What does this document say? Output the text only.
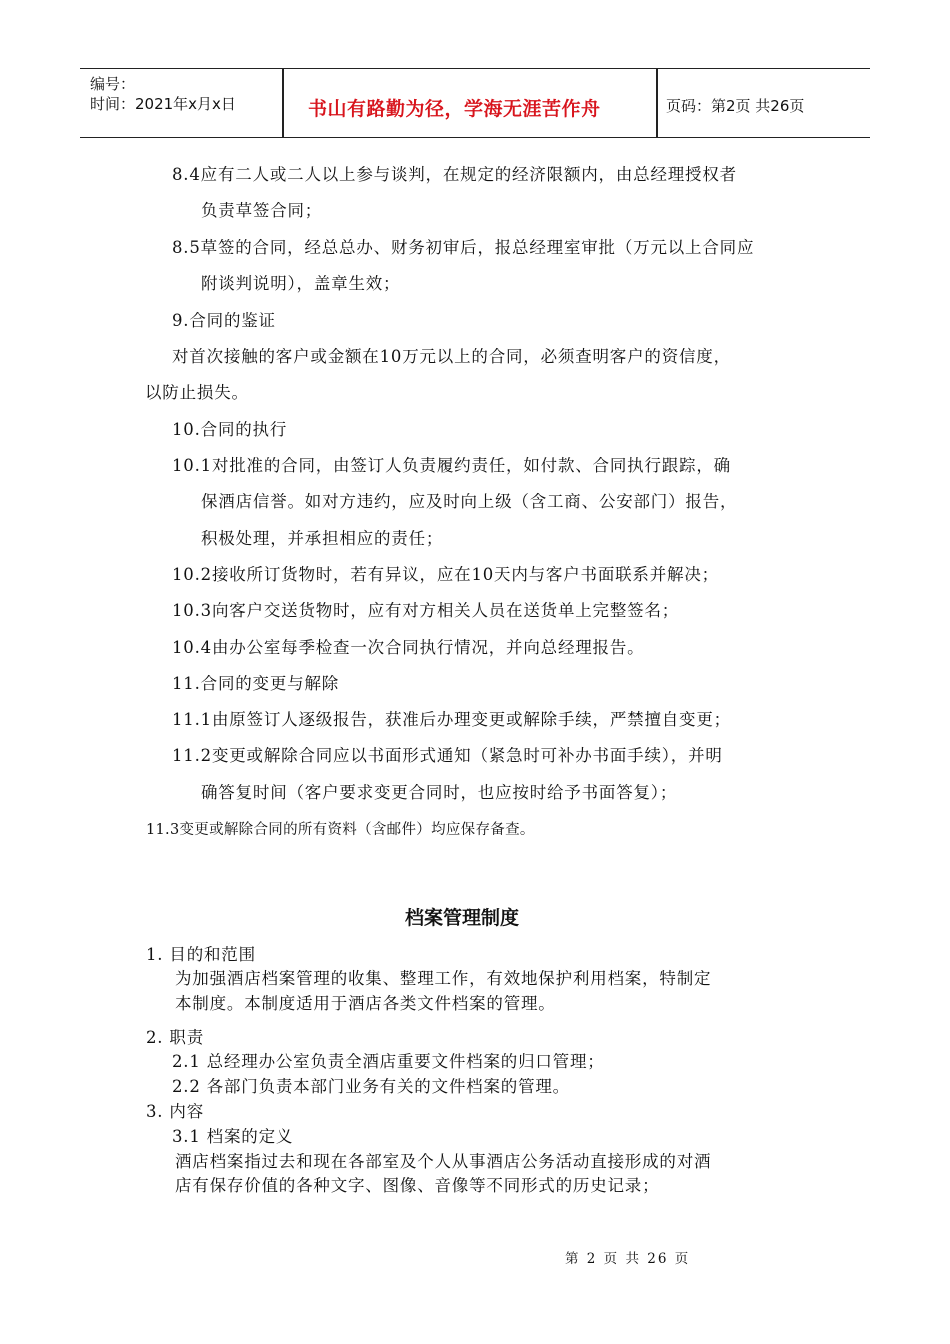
编号：
时间：2021年x月x日	书山有路勤为径，学海无涯苦作舟	页码：第2页 共26页
8.4应有二人或二人以上参与谈判，在规定的经济限额内，由总经理授权者
负责草签合同；
8.5草签的合同，经总总办、财务初审后，报总经理室审批（万元以上合同应
附谈判说明），盖章生效；
9.合同的鉴证
对首次接触的客户或金额在10万元以上的合同，必须查明客户的资信度，
以防止损失。
10.合同的执行
10.1对批准的合同，由签订人负责履约责任，如付款、合同执行跟踪，确
保酒店信誉。如对方违约，应及时向上级（含工商、公安部门）报告，
积极处理，并承担相应的责任；
10.2接收所订货物时，若有异议，应在10天内与客户书面联系并解决；
10.3向客户交送货物时，应有对方相关人员在送货单上完整签名；
10.4由办公室每季检查一次合同执行情况，并向总经理报告。
11.合同的变更与解除
11.1由原签订人逐级报告，获准后办理变更或解除手续，严禁擅自变更；
11.2变更或解除合同应以书面形式通知（紧急时可补办书面手续），并明
确答复时间（客户要求变更合同时，也应按时给予书面答复）；
11.3变更或解除合同的所有资料（含邮件）均应保存备查。
档案管理制度
1. 目的和范围
为加强酒店档案管理的收集、整理工作，有效地保护利用档案，特制定
本制度。本制度适用于酒店各类文件档案的管理。
2. 职责
2.1 总经理办公室负责全酒店重要文件档案的归口管理；
2.2 各部门负责本部门业务有关的文件档案的管理。
3. 内容
3.1 档案的定义
酒店档案指过去和现在各部室及个人从事酒店公务活动直接形成的对酒
店有保存价值的各种文字、图像、音像等不同形式的历史记录；
第 2 页 共 26 页
